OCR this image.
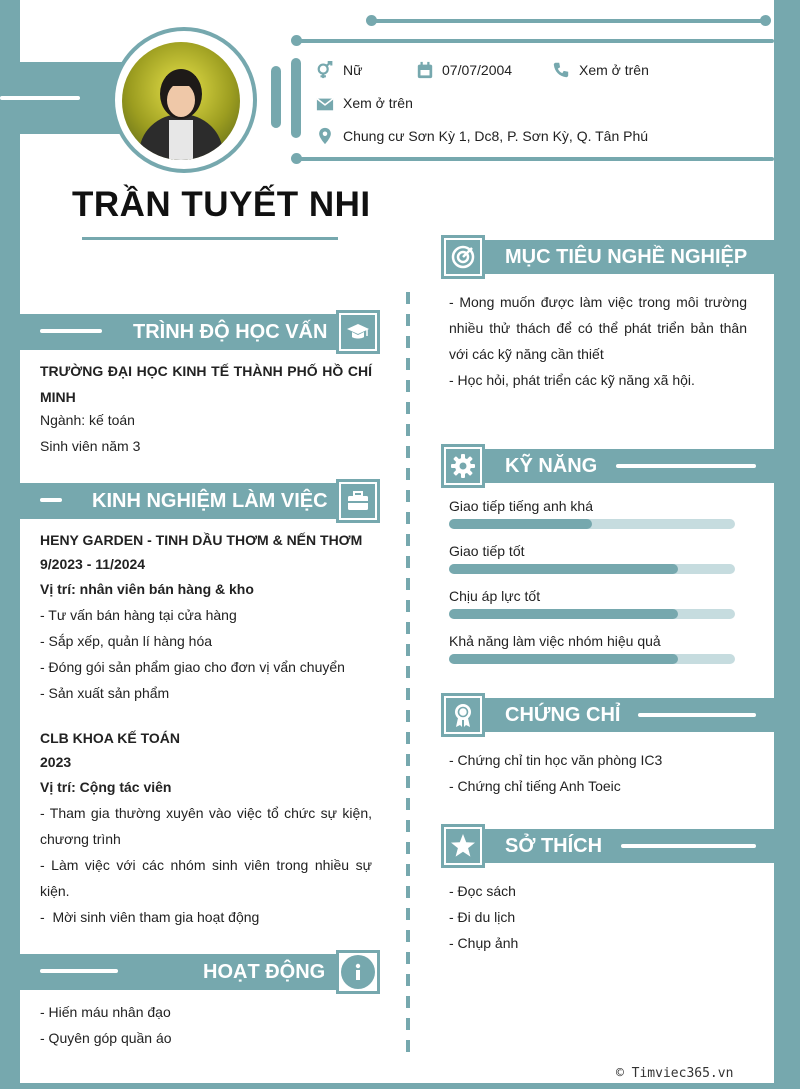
TRẦN TUYẾT NHI
Nữ	07/07/2004	Xem ở trên
Xem ở trên
Chung cư Sơn Kỳ 1, Dc8, P. Sơn Kỳ, Q. Tân Phú
TRÌNH ĐỘ HỌC VẤN
TRƯỜNG ĐẠI HỌC KINH TẾ THÀNH PHỐ HỒ CHÍ MINH
Ngành: kế toán
Sinh viên năm 3
KINH NGHIỆM LÀM VIỆC
HENY GARDEN - TINH DẦU THƠM & NẾN THƠM
9/2023 - 11/2024
Vị trí: nhân viên bán hàng & kho
- Tư vấn bán hàng tại cửa hàng
- Sắp xếp, quản lí hàng hóa
- Đóng gói sản phẩm giao cho đơn vị vẩn chuyển
- Sản xuất sản phẩm
CLB KHOA KẾ TOÁN
2023
Vị trí: Cộng tác viên
- Tham gia thường xuyên vào việc tổ chức sự kiện, chương trình
- Làm việc với các nhóm sinh viên trong nhiều sự kiện.
-  Mời sinh viên tham gia hoạt động
HOẠT ĐỘNG
- Hiến máu nhân đạo
- Quyên góp quần áo
MỤC TIÊU NGHỀ NGHIỆP
- Mong muốn được làm việc trong môi trường nhiều thử thách để có thể phát triển bản thân với các kỹ năng cần thiết
- Học hỏi, phát triển các kỹ năng xã hội.
KỸ NĂNG
Giao tiếp tiếng anh khá
Giao tiếp tốt
Chịu áp lực tốt
Khả năng làm việc nhóm hiệu quả
CHỨNG CHỈ
- Chứng chỉ tin học văn phòng IC3
- Chứng chỉ tiếng Anh Toeic
SỞ THÍCH
- Đọc sách
- Đi du lịch
- Chụp ảnh
© Timviec365.vn
